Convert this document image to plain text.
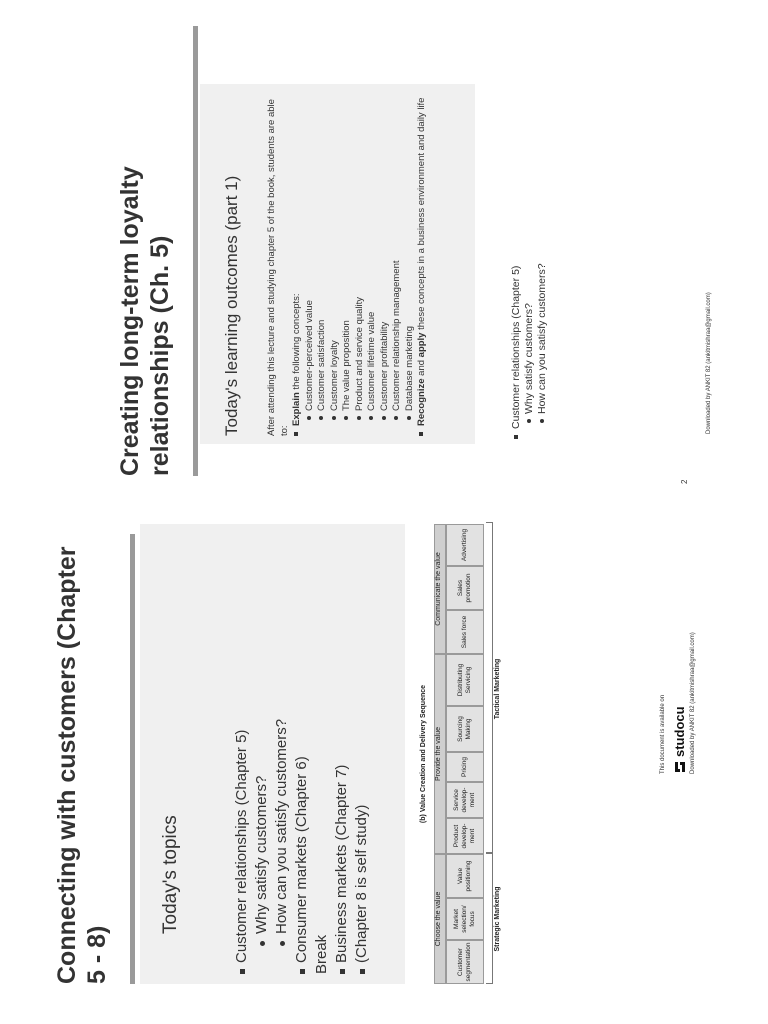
Connecting with customers (Chapter 5 - 8)
Today's topics	Customer relationships (Chapter 5) Why satisfy customers? How can you satisfy customers? Consumer markets (Chapter 6) Break Business markets (Chapter 7) (Chapter 8 is self study)
(b) Value Creation and Delivery Sequence
Choose the value
Provide the value
Communicate the value
Customer segmentation
Market selection/ focus
Value positioning
Product develop- ment
Service develop- ment
Pricing
Sourcing Making
Distributing Servicing
Sales force
Sales promotion
Advertising
Strategic Marketing
Tactical Marketing
This document is available on studocu Downloaded by ANKIT 82 (ankitmishraa@gmail.com)
Creating long-term loyalty relationships (Ch. 5)	Today's learning outcomes (part 1)	After attending this lecture and studying chapter 5 of the book, students are able to:
Explain the following concepts: Customer-perceived value Customer satisfaction Customer loyalty The value proposition Product and service quality Customer lifetime value Customer profitability Customer relationship management Database marketing Recognize and apply these concepts in a business environment and daily life
Customer relationships (Chapter 5) Why satisfy customers? How can you satisfy customers?	Downloaded by ANKIT 82 (ankitmishraa@gmail.com)
2
